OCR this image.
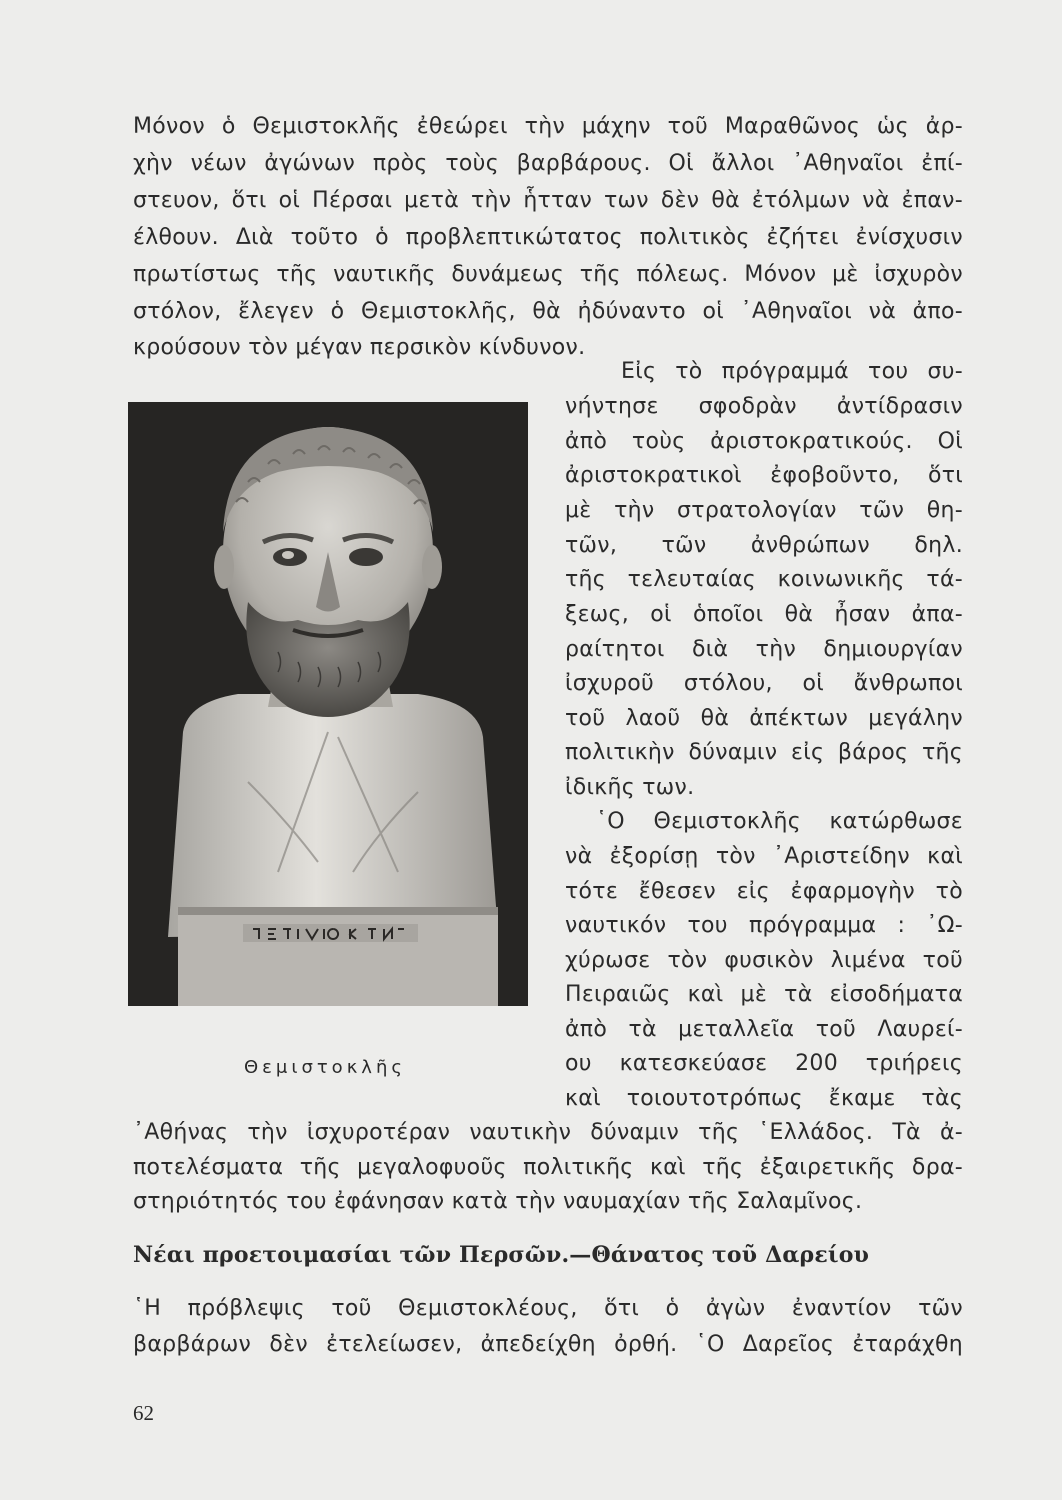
Μόνον ὁ Θεμιστοκλῆς ἐθεώρει τὴν μάχην τοῦ Μαραθῶνος ὡς ἀρ-
χὴν νέων ἀγώνων πρὸς τοὺς βαρβάρους. Οἱ ἄλλοι ᾿Αθηναῖοι ἐπί-
στευον, ὅτι οἱ Πέρσαι μετὰ τὴν ἧτταν των δὲν θὰ ἐτόλμων νὰ ἐπαν-
έλθουν. Διὰ τοῦτο ὁ προβλεπτικώτατος πολιτικὸς ἐζήτει ἐνίσχυσιν
πρωτίστως τῆς ναυτικῆς δυνάμεως τῆς πόλεως. Μόνον μὲ ἰσχυρὸν
στόλον, ἔλεγεν ὁ Θεμιστοκλῆς, θὰ ἠδύναντο οἱ ᾿Αθηναῖοι νὰ ἀπο-
κρούσουν τὸν μέγαν περσικὸν κίνδυνον.
Εἰς τὸ πρόγραμμά του συ-
νήντησε σφοδρὰν ἀντίδρασιν
ἀπὸ τοὺς ἀριστοκρατικούς. Οἱ
ἀριστοκρατικοὶ ἐφοβοῦντο, ὅτι
μὲ τὴν στρατολογίαν τῶν θη-
τῶν, τῶν ἀνθρώπων δηλ.
τῆς τελευταίας κοινωνικῆς τά-
ξεως, οἱ ὁποῖοι θὰ ἦσαν ἀπα-
ραίτητοι διὰ τὴν δημιουργίαν
ἰσχυροῦ στόλου, οἱ ἄνθρωποι
τοῦ λαοῦ θὰ ἀπέκτων μεγάλην
πολιτικὴν δύναμιν εἰς βάρος τῆς
ἰδικῆς των.
῾Ο Θεμιστοκλῆς κατώρθωσε
νὰ ἐξορίσῃ τὸν ᾿Αριστείδην καὶ
τότε ἔθεσεν εἰς ἐφαρμογὴν τὸ
ναυτικόν του πρόγραμμα : ᾿Ω-
χύρωσε τὸν φυσικὸν λιμένα τοῦ
Πειραιῶς καὶ μὲ τὰ εἰσοδήματα
ἀπὸ τὰ μεταλλεῖα τοῦ Λαυρεί-
ου κατεσκεύασε 200 τριήρεις
καὶ τοιουτοτρόπως ἔκαμε τὰς
᾿Αθήνας τὴν ἰσχυροτέραν ναυτικὴν δύναμιν τῆς ῾Ελλάδος. Τὰ ἀ-
ποτελέσματα τῆς μεγαλοφυοῦς πολιτικῆς καὶ τῆς ἐξαιρετικῆς δρα-
στηριότητός του ἐφάνησαν κατὰ τὴν ναυμαχίαν τῆς Σαλαμῖνος.
Θεμιστοκλῆς
Νέαι προετοιμασίαι τῶν Περσῶν.—Θάνατος τοῦ Δαρείου
῾Η πρόβλεψις τοῦ Θεμιστοκλέους, ὅτι ὁ ἀγὼν ἐναντίον τῶν
βαρβάρων δὲν ἐτελείωσεν, ἀπεδείχθη ὀρθή. ῾Ο Δαρεῖος ἐταράχθη
62
